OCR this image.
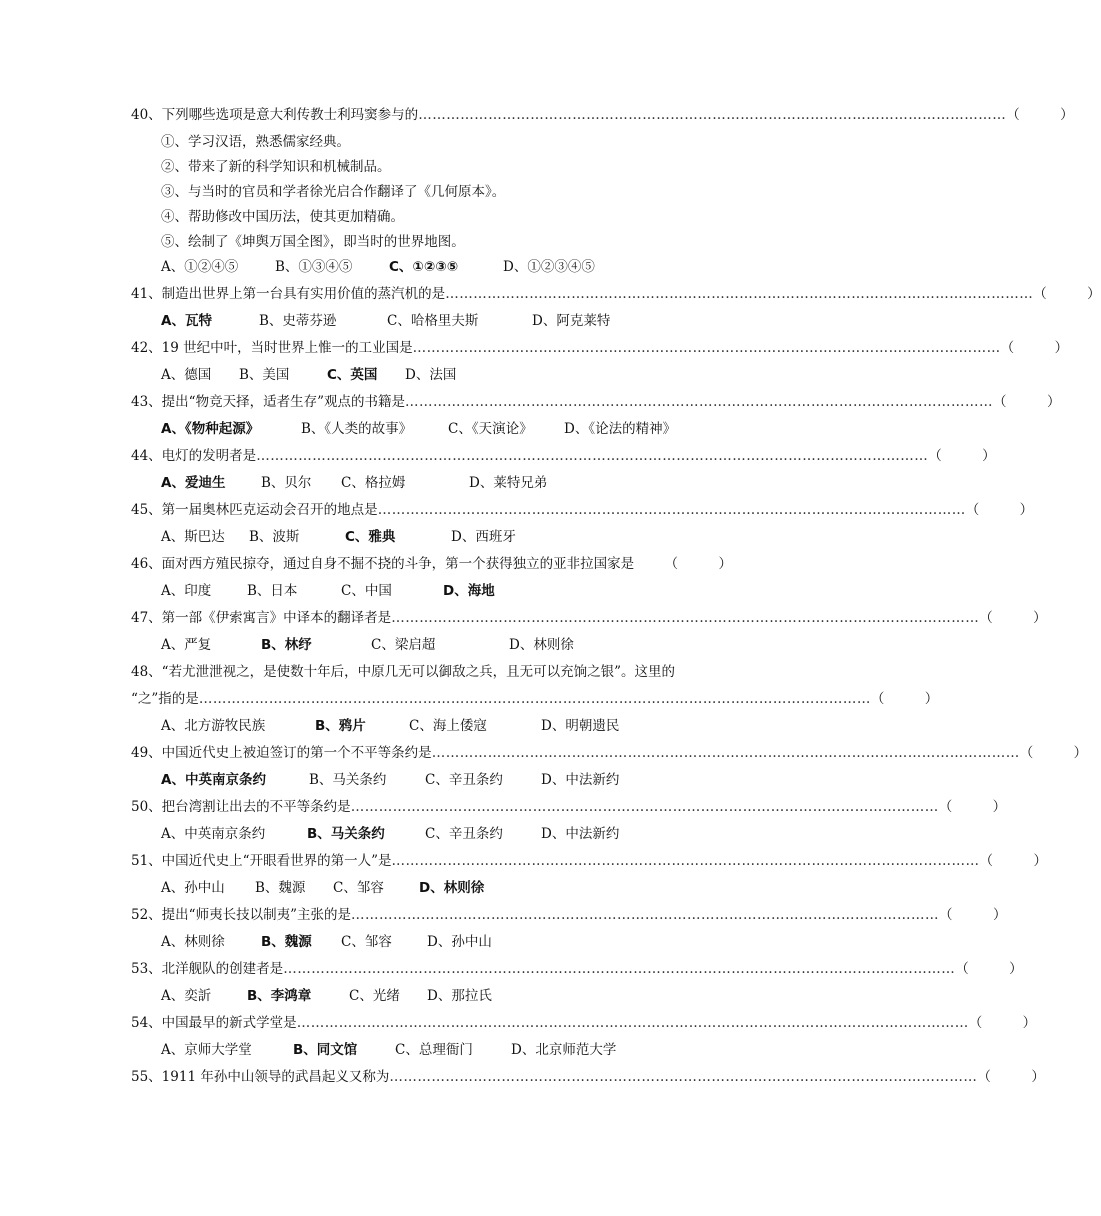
40、下列哪些选项是意大利传教士利玛窦参与的 ……………………………………………………………………………………………………………… （　　　）
①、学习汉语，熟悉儒家经典。
②、带来了新的科学知识和机械制品。
③、与当时的官员和学者徐光启合作翻译了《几何原本》。
④、帮助修改中国历法，使其更加精确。
⑤、绘制了《坤舆万国全图》，即当时的世界地图。
A、①②④⑤	B、①③④⑤	C、①②③⑤	D、①②③④⑤
41、制造出世界上第一台具有实用价值的蒸汽机的是 ……………………………………………………………………………………………………………… （　　　）
A、瓦特	B、史蒂芬逊	C、哈格里夫斯	D、阿克莱特
42、19 世纪中叶，当时世界上惟一的工业国是 ……………………………………………………………………………………………………………… （　　　）
A、德国	B、美国	C、英国	D、法国
43、提出“物竞天择，适者生存”观点的书籍是 ……………………………………………………………………………………………………………… （　　　）
A、《物种起源》	B、《人类的故事》	C、《天演论》	D、《论法的精神》
44、电灯的发明者是 ……………………………………………………………………………………………………………………………… （　　　）
A、爱迪生	B、贝尔	C、格拉姆	D、莱特兄弟
45、第一届奥林匹克运动会召开的地点是 ……………………………………………………………………………………………………………… （　　　）
A、斯巴达	B、波斯	C、雅典	D、西班牙
46、面对西方殖民掠夺，通过自身不掘不挠的斗争，第一个获得独立的亚非拉国家是 （　　　）
A、印度	B、日本	C、中国	D、海地
47、第一部《伊索寓言》中译本的翻译者是 ……………………………………………………………………………………………………………… （　　　）
A、严复	B、林纾	C、梁启超	D、林则徐
48、“若尤泄泄视之，是使数十年后，中原几无可以御敌之兵，且无可以充饷之银”。这里的
“之”指的是 ……………………………………………………………………………………………………………………………… （　　　）
A、北方游牧民族	B、鸦片	C、海上倭寇	D、明朝遗民
49、中国近代史上被迫签订的第一个不平等条约是 ……………………………………………………………………………………………………………… （　　　）
A、中英南京条约	B、马关条约	C、辛丑条约	D、中法新约
50、把台湾割让出去的不平等条约是 ……………………………………………………………………………………………………………… （　　　）
A、中英南京条约	B、马关条约	C、辛丑条约	D、中法新约
51、中国近代史上“开眼看世界的第一人”是 ……………………………………………………………………………………………………………… （　　　）
A、孙中山	B、魏源	C、邹容	D、林则徐
52、提出“师夷长技以制夷”主张的是 ……………………………………………………………………………………………………………… （　　　）
A、林则徐	B、魏源	C、邹容	D、孙中山
53、北洋舰队的创建者是 ……………………………………………………………………………………………………………………………… （　　　）
A、奕訢	B、李鸿章	C、光绪	D、那拉氏
54、中国最早的新式学堂是 ……………………………………………………………………………………………………………………………… （　　　）
A、京师大学堂	B、同文馆	C、总理衙门	D、北京师范大学
55、1911 年孙中山领导的武昌起义又称为 ……………………………………………………………………………………………………………… （　　　）
